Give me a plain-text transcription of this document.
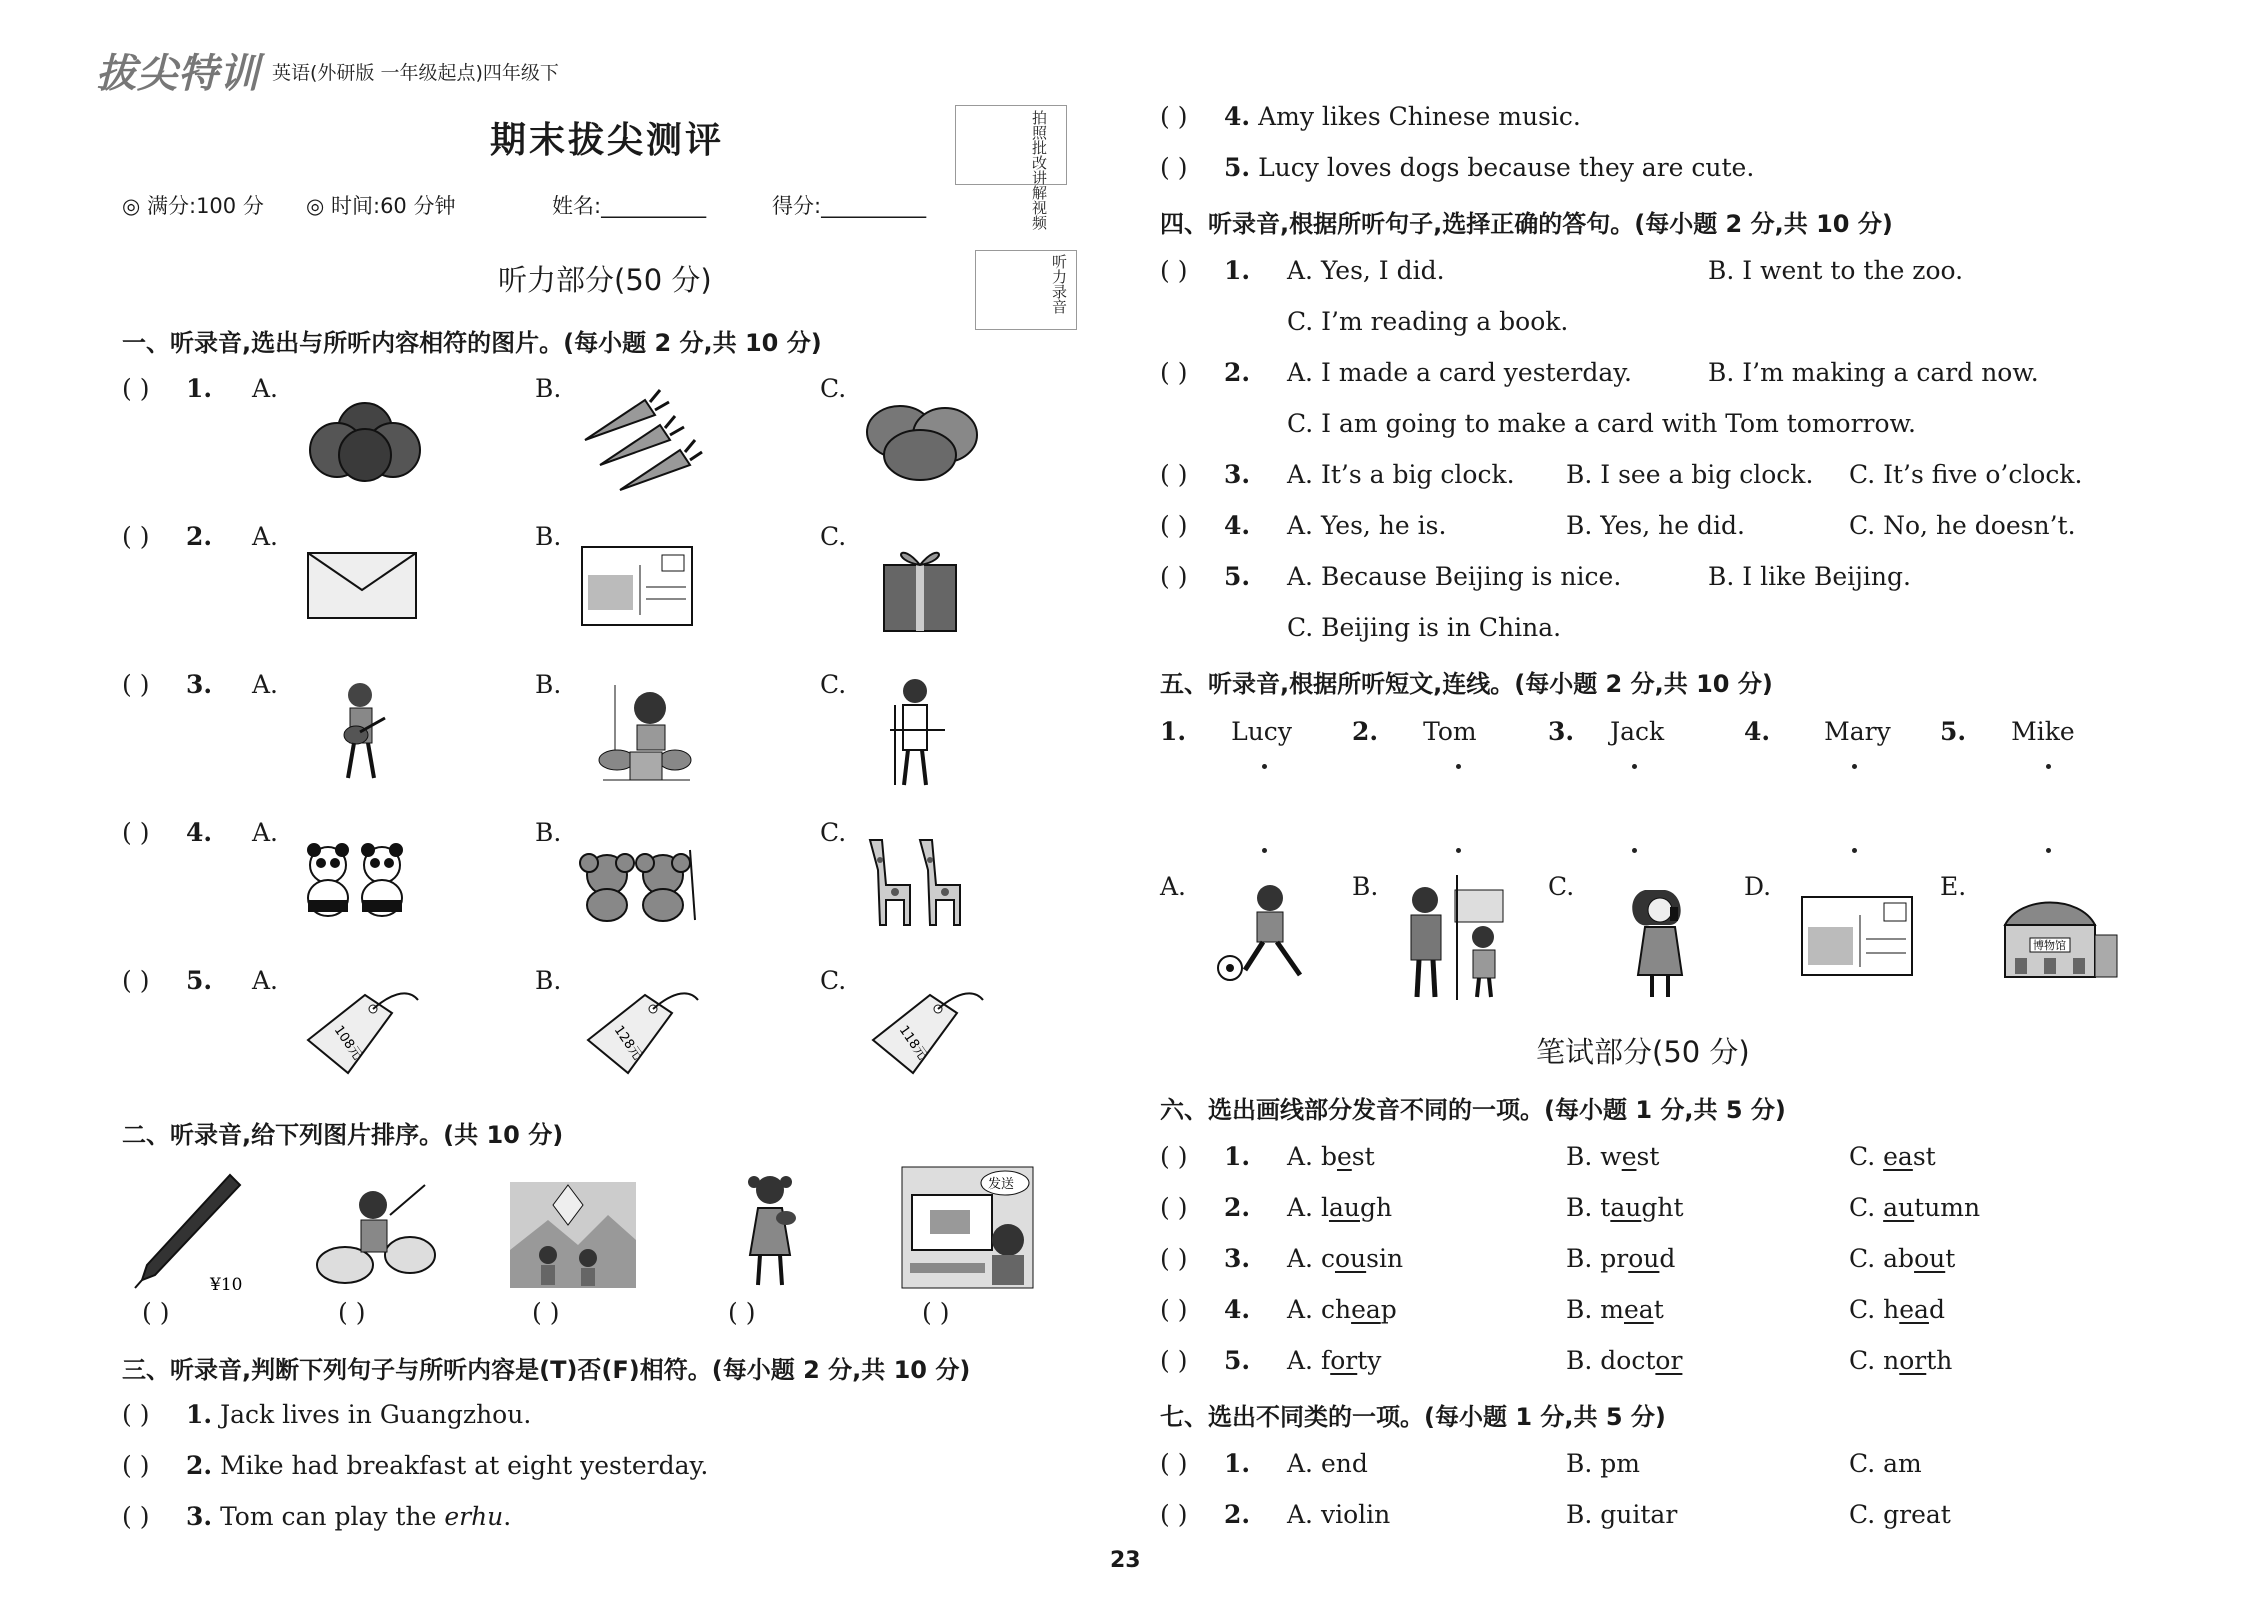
拔尖特训 英语(外研版 一年级起点)四年级下
期末拔尖测评	拍照批改讲解视频
◎ 满分:100 分 ◎ 时间:60 分钟	姓名:__________	得分:__________
听力部分(50 分)	听力录音
一、听录音,选出与所听内容相符的图片。(每小题 2 分,共 10 分)
( ) 1. A.	B.	C.
( ) 2. A.	B.	C.
( ) 3. A.	B.	C.
( ) 4. A.	B.	C.
( ) 5. A.	B.	C.
108元	128元	118元
二、听录音,给下列图片排序。(共 10 分)
¥10
发送
( )	( )	( )	( )	( )
三、听录音,判断下列句子与所听内容是(T)否(F)相符。(每小题 2 分,共 10 分)
( ) 1. Jack lives in Guangzhou.
( ) 2. Mike had breakfast at eight yesterday.
( ) 3. Tom can play the erhu.
( ) 4. Amy likes Chinese music.
( ) 5. Lucy loves dogs because they are cute.
四、听录音,根据所听句子,选择正确的答句。(每小题 2 分,共 10 分)
( ) 1. A. Yes, I did.	B. I went to the zoo.
C. I’m reading a book.
( ) 2. A. I made a card yesterday.	B. I’m making a card now.
C. I am going to make a card with Tom tomorrow.
( ) 3. A. It’s a big clock. B. I see a big clock. C. It’s five o’clock.
( ) 4. A. Yes, he is.	B. Yes, he did.	C. No, he doesn’t.
( ) 5. A. Because Beijing is nice.	B. I like Beijing.
C. Beijing is in China.
五、听录音,根据所听短文,连线。(每小题 2 分,共 10 分)
1. Lucy 2. Tom	3. Jack	4. Mary 5. Mike
A.	B.	C.	D.	E.
博物馆
笔试部分(50 分)
六、选出画线部分发音不同的一项。(每小题 1 分,共 5 分)
( ) 1. A. best	B. west	C. east
( ) 2. A. laugh	B. taught	C. autumn
( ) 3. A. cousin	B. proud	C. about
( ) 4. A. cheap	B. meat	C. head
( ) 5. A. forty	B. doctor	C. north
七、选出不同类的一项。(每小题 1 分,共 5 分)
( ) 1. A. end	B. pm	C. am
( ) 2. A. violin	B. guitar	C. great
23
